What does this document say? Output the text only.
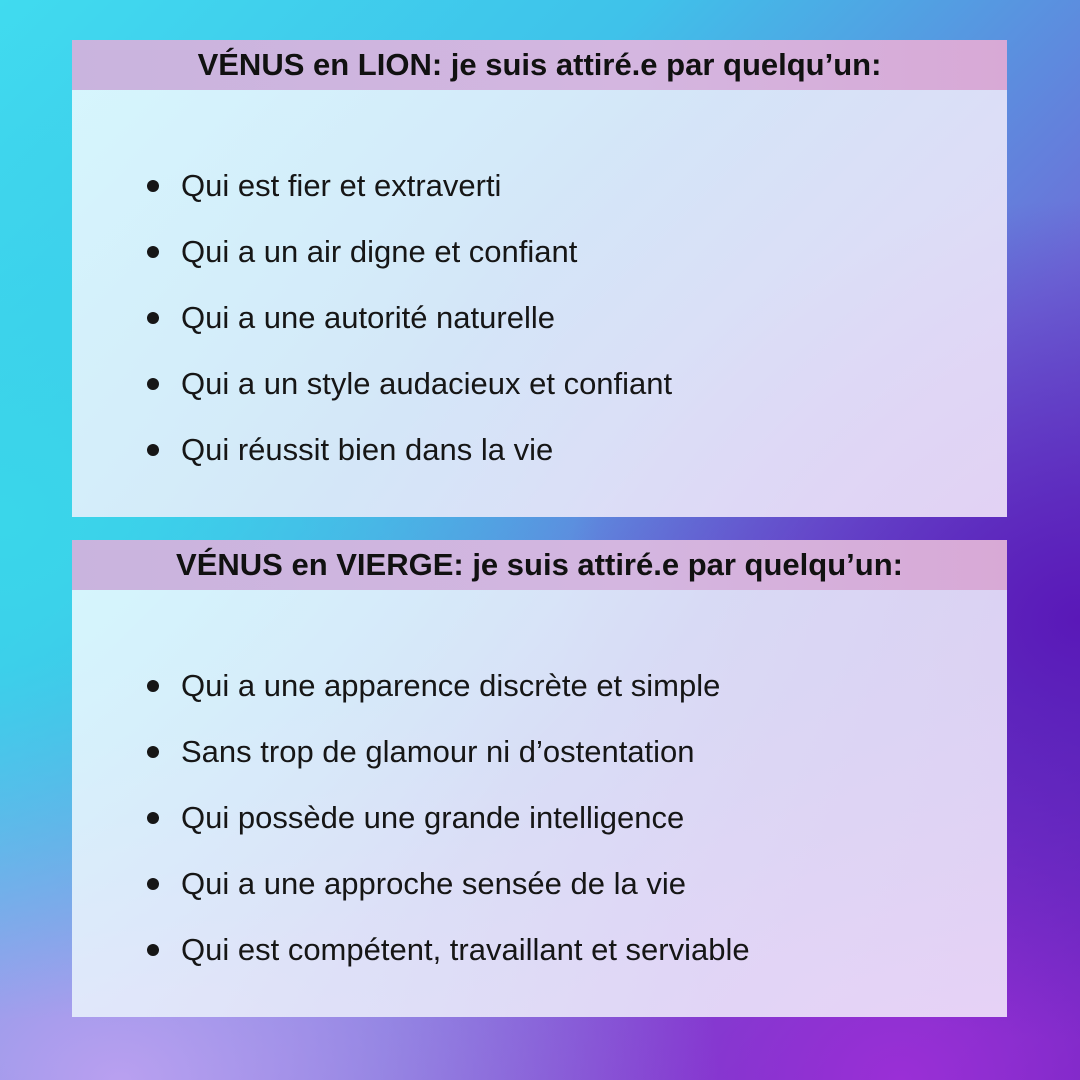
VÉNUS en LION: je suis attiré.e par quelqu’un:
Qui est fier et extraverti
Qui a un air digne et confiant
Qui a une autorité naturelle
Qui a un style audacieux et confiant
Qui réussit bien dans la vie
VÉNUS en VIERGE: je suis attiré.e par quelqu’un:
Qui a une apparence discrète et simple
Sans trop de glamour ni d’ostentation
Qui possède une grande intelligence
Qui a une approche sensée de la vie
Qui est compétent, travaillant et serviable
